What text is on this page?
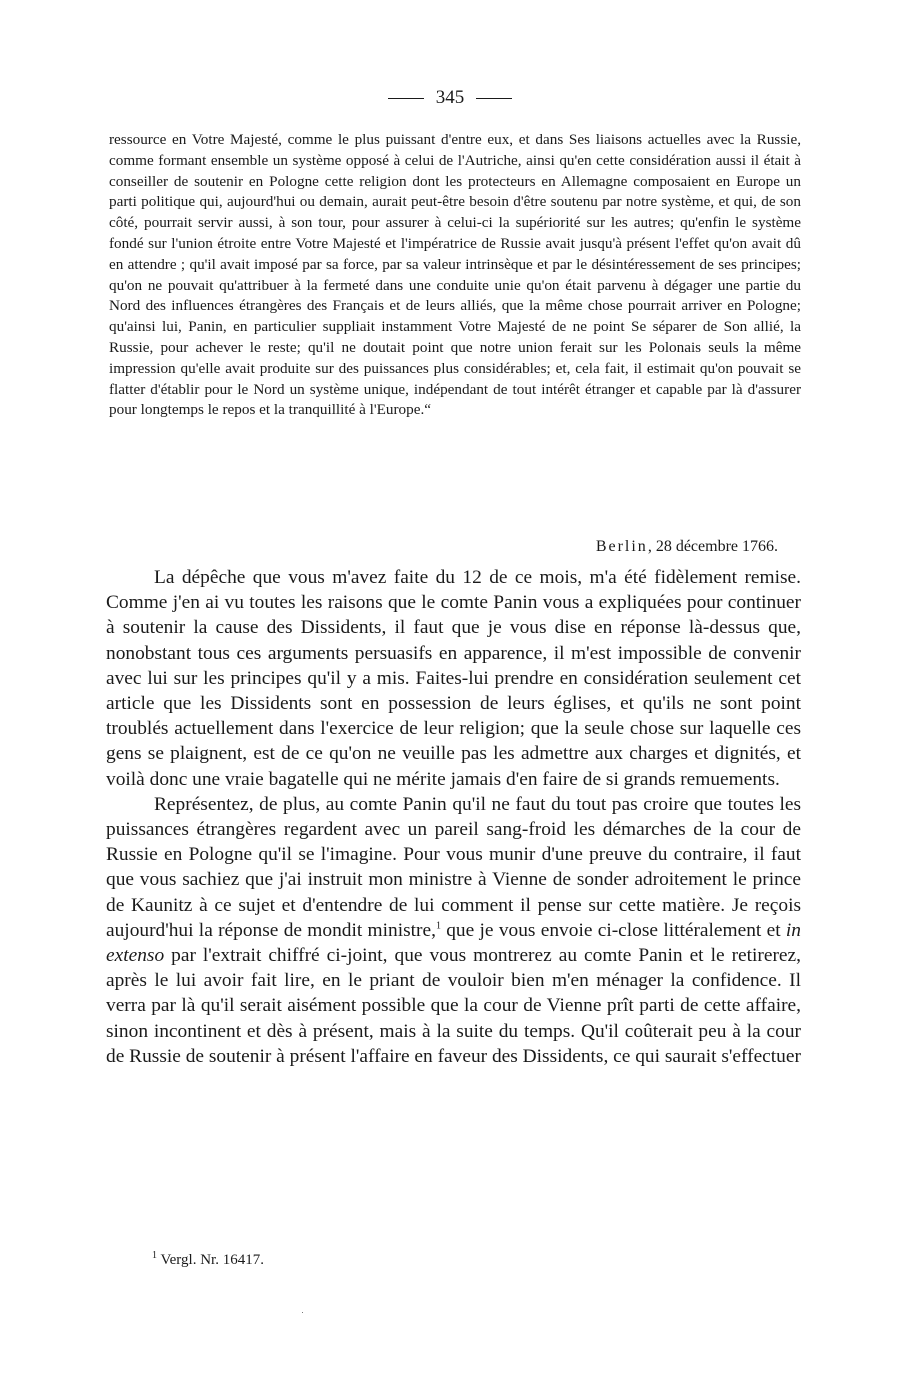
345

ressource en Votre Majesté, comme le plus puissant d'entre eux, et dans Ses liaisons actuelles avec la Russie, comme formant ensemble un système opposé à celui de l'Autriche, ainsi qu'en cette considération aussi il était à conseiller de soutenir en Pologne cette religion dont les protecteurs en Allemagne composaient en Europe un parti politique qui, aujourd'hui ou demain, aurait peut-être besoin d'être soutenu par notre système, et qui, de son côté, pourrait servir aussi, à son tour, pour assurer à celui-ci la supériorité sur les autres; qu'enfin le système fondé sur l'union étroite entre Votre Majesté et l'impératrice de Russie avait jusqu'à présent l'effet qu'on avait dû en attendre ; qu'il avait imposé par sa force, par sa valeur intrinsèque et par le désintéressement de ses principes; qu'on ne pouvait qu'attribuer à la fermeté dans une conduite unie qu'on était parvenu à dégager une partie du Nord des influences étrangères des Français et de leurs alliés, que la même chose pourrait arriver en Pologne; qu'ainsi lui, Panin, en particulier suppliait instamment Votre Majesté de ne point Se séparer de Son allié, la Russie, pour achever le reste; qu'il ne doutait point que notre union ferait sur les Polonais seuls la même impression qu'elle avait produite sur des puissances plus considérables; et, cela fait, il estimait qu'on pouvait se flatter d'établir pour le Nord un système unique, indépendant de tout intérêt étranger et capable par là d'assurer pour longtemps le repos et la tranquillité à l'Europe.“

Berlin, 28 décembre 1766.

La dépêche que vous m'avez faite du 12 de ce mois, m'a été fidèlement remise. Comme j'en ai vu toutes les raisons que le comte Panin vous a expliquées pour continuer à soutenir la cause des Dissidents, il faut que je vous dise en réponse là-dessus que, nonobstant tous ces arguments persuasifs en apparence, il m'est impossible de convenir avec lui sur les principes qu'il y a mis. Faites-lui prendre en considération seulement cet article que les Dissidents sont en possession de leurs églises, et qu'ils ne sont point troublés actuellement dans l'exercice de leur religion; que la seule chose sur laquelle ces gens se plaignent, est de ce qu'on ne veuille pas les admettre aux charges et dignités, et voilà donc une vraie bagatelle qui ne mérite jamais d'en faire de si grands remuements.

Représentez, de plus, au comte Panin qu'il ne faut du tout pas croire que toutes les puissances étrangères regardent avec un pareil sang-froid les démarches de la cour de Russie en Pologne qu'il se l'imagine. Pour vous munir d'une preuve du contraire, il faut que vous sachiez que j'ai instruit mon ministre à Vienne de sonder adroitement le prince de Kaunitz à ce sujet et d'entendre de lui comment il pense sur cette matière. Je reçois aujourd'hui la réponse de mondit ministre,$^1$ que je vous envoie ci-close littéralement et in extenso par l'extrait chiffré ci-joint, que vous montrerez au comte Panin et le retirerez, après le lui avoir fait lire, en le priant de vouloir bien m'en ménager la confidence. Il verra par là qu'il serait aisément possible que la cour de Vienne prît parti de cette affaire, sinon incontinent et dès à présent, mais à la suite du temps. Qu'il coûterait peu à la cour de Russie de soutenir à présent l'affaire en faveur des Dissidents, ce qui saurait s'effectuer

$^1$ Vergl. Nr. 16417.
